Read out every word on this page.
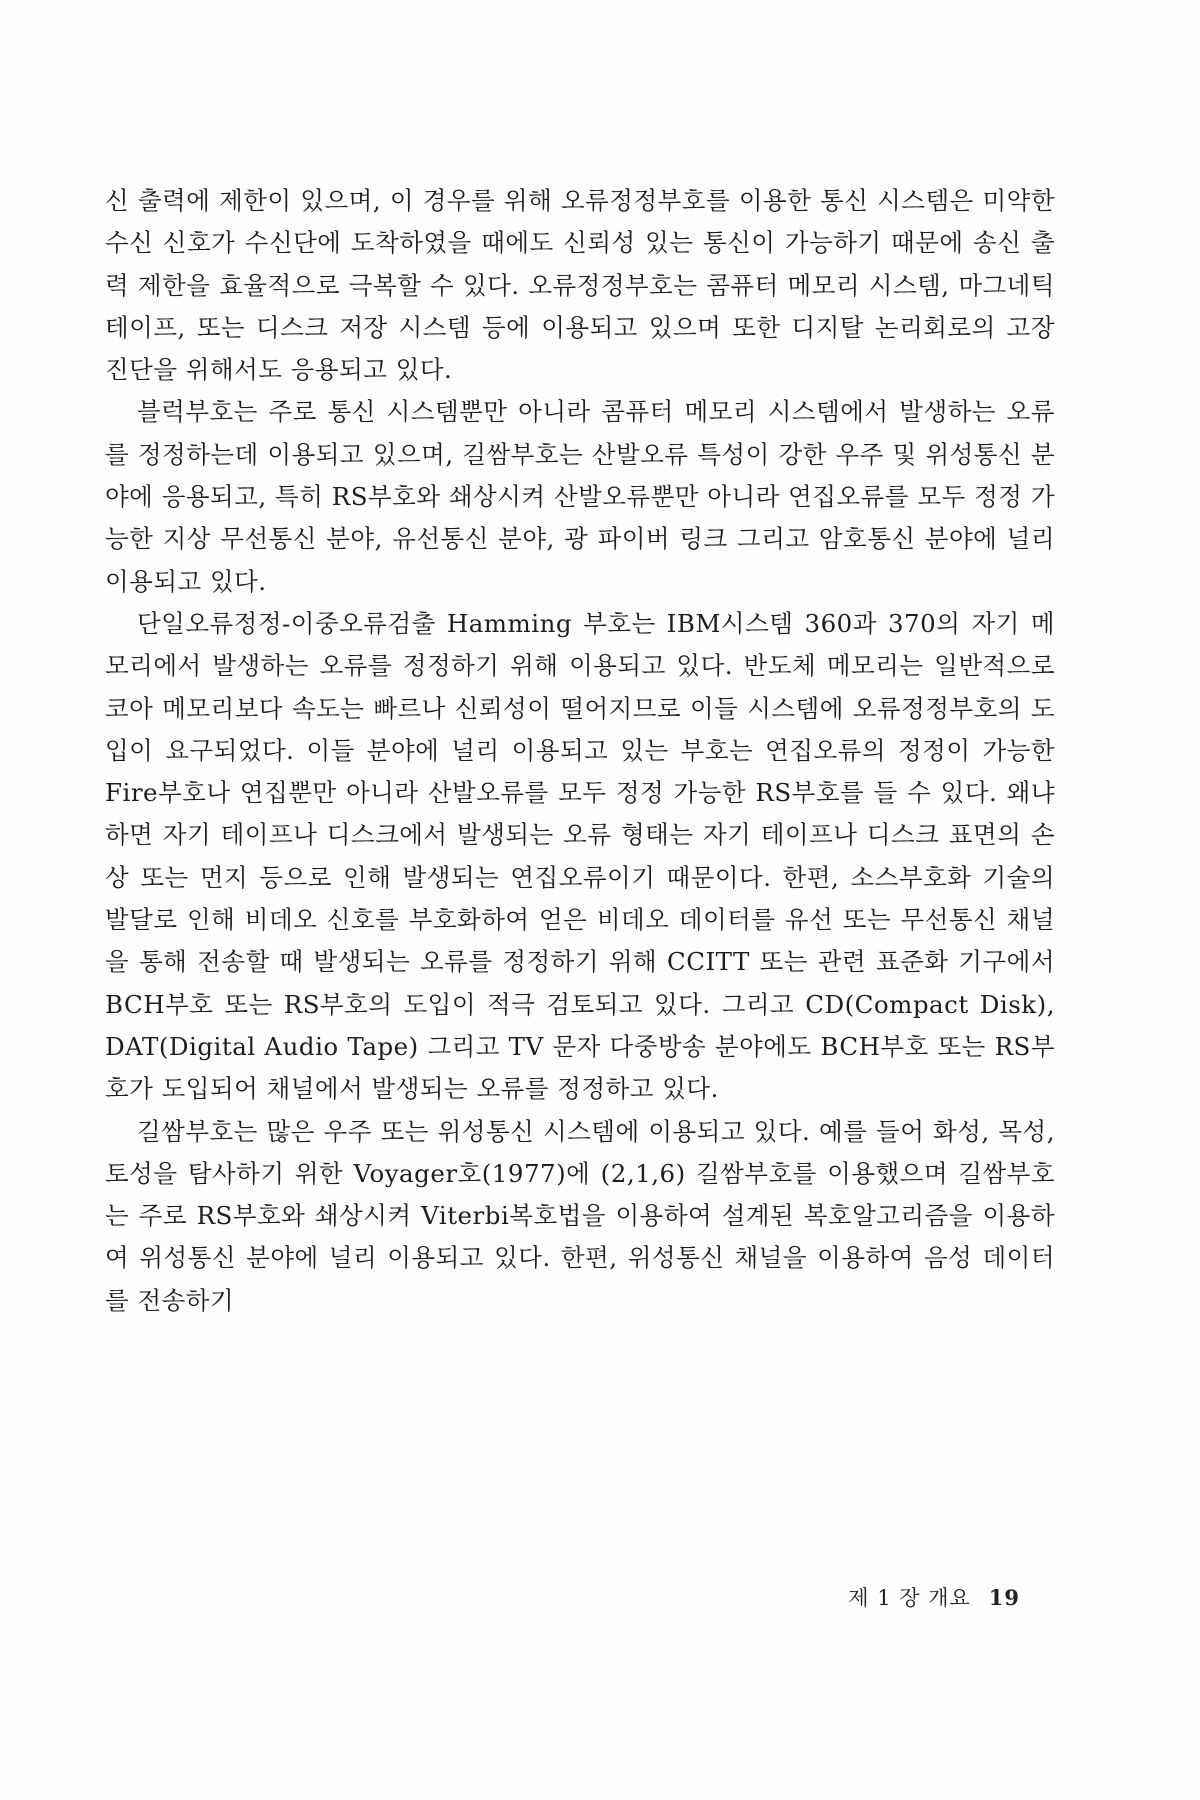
신 출력에 제한이 있으며, 이 경우를 위해 오류정정부호를 이용한 통신 시스템은 미약한 수신 신호가 수신단에 도착하였을 때에도 신뢰성 있는 통신이 가능하기 때문에 송신 출력 제한을 효율적으로 극복할 수 있다. 오류정정부호는 콤퓨터 메모리 시스템, 마그네틱 테이프, 또는 디스크 저장 시스템 등에 이용되고 있으며 또한 디지탈 논리회로의 고장 진단을 위해서도 응용되고 있다.

블럭부호는 주로 통신 시스템뿐만 아니라 콤퓨터 메모리 시스템에서 발생하는 오류를 정정하는데 이용되고 있으며, 길쌈부호는 산발오류 특성이 강한 우주 및 위성통신 분야에 응용되고, 특히 RS부호와 쇄상시켜 산발오류뿐만 아니라 연집오류를 모두 정정 가능한 지상 무선통신 분야, 유선통신 분야, 광 파이버 링크 그리고 암호통신 분야에 널리 이용되고 있다.

단일오류정정-이중오류검출 Hamming 부호는 IBM시스템 360과 370의 자기 메모리에서 발생하는 오류를 정정하기 위해 이용되고 있다. 반도체 메모리는 일반적으로 코아 메모리보다 속도는 빠르나 신뢰성이 떨어지므로 이들 시스템에 오류정정부호의 도입이 요구되었다. 이들 분야에 널리 이용되고 있는 부호는 연집오류의 정정이 가능한 Fire부호나 연집뿐만 아니라 산발오류를 모두 정정 가능한 RS부호를 들 수 있다. 왜냐하면 자기 테이프나 디스크에서 발생되는 오류 형태는 자기 테이프나 디스크 표면의 손상 또는 먼지 등으로 인해 발생되는 연집오류이기 때문이다. 한편, 소스부호화 기술의 발달로 인해 비데오 신호를 부호화하여 얻은 비데오 데이터를 유선 또는 무선통신 채널을 통해 전송할 때 발생되는 오류를 정정하기 위해 CCITT 또는 관련 표준화 기구에서 BCH부호 또는 RS부호의 도입이 적극 검토되고 있다. 그리고 CD(Compact Disk), DAT(Digital Audio Tape) 그리고 TV 문자 다중방송 분야에도 BCH부호 또는 RS부호가 도입되어 채널에서 발생되는 오류를 정정하고 있다.

길쌈부호는 많은 우주 또는 위성통신 시스템에 이용되고 있다. 예를 들어 화성, 목성, 토성을 탐사하기 위한 Voyager호(1977)에 (2,1,6) 길쌈부호를 이용했으며 길쌈부호는 주로 RS부호와 쇄상시켜 Viterbi복호법을 이용하여 설계된 복호알고리즘을 이용하여 위성통신 분야에 널리 이용되고 있다. 한편, 위성통신 채널을 이용하여 음성 데이터를 전송하기

제 1 장 개요 19
